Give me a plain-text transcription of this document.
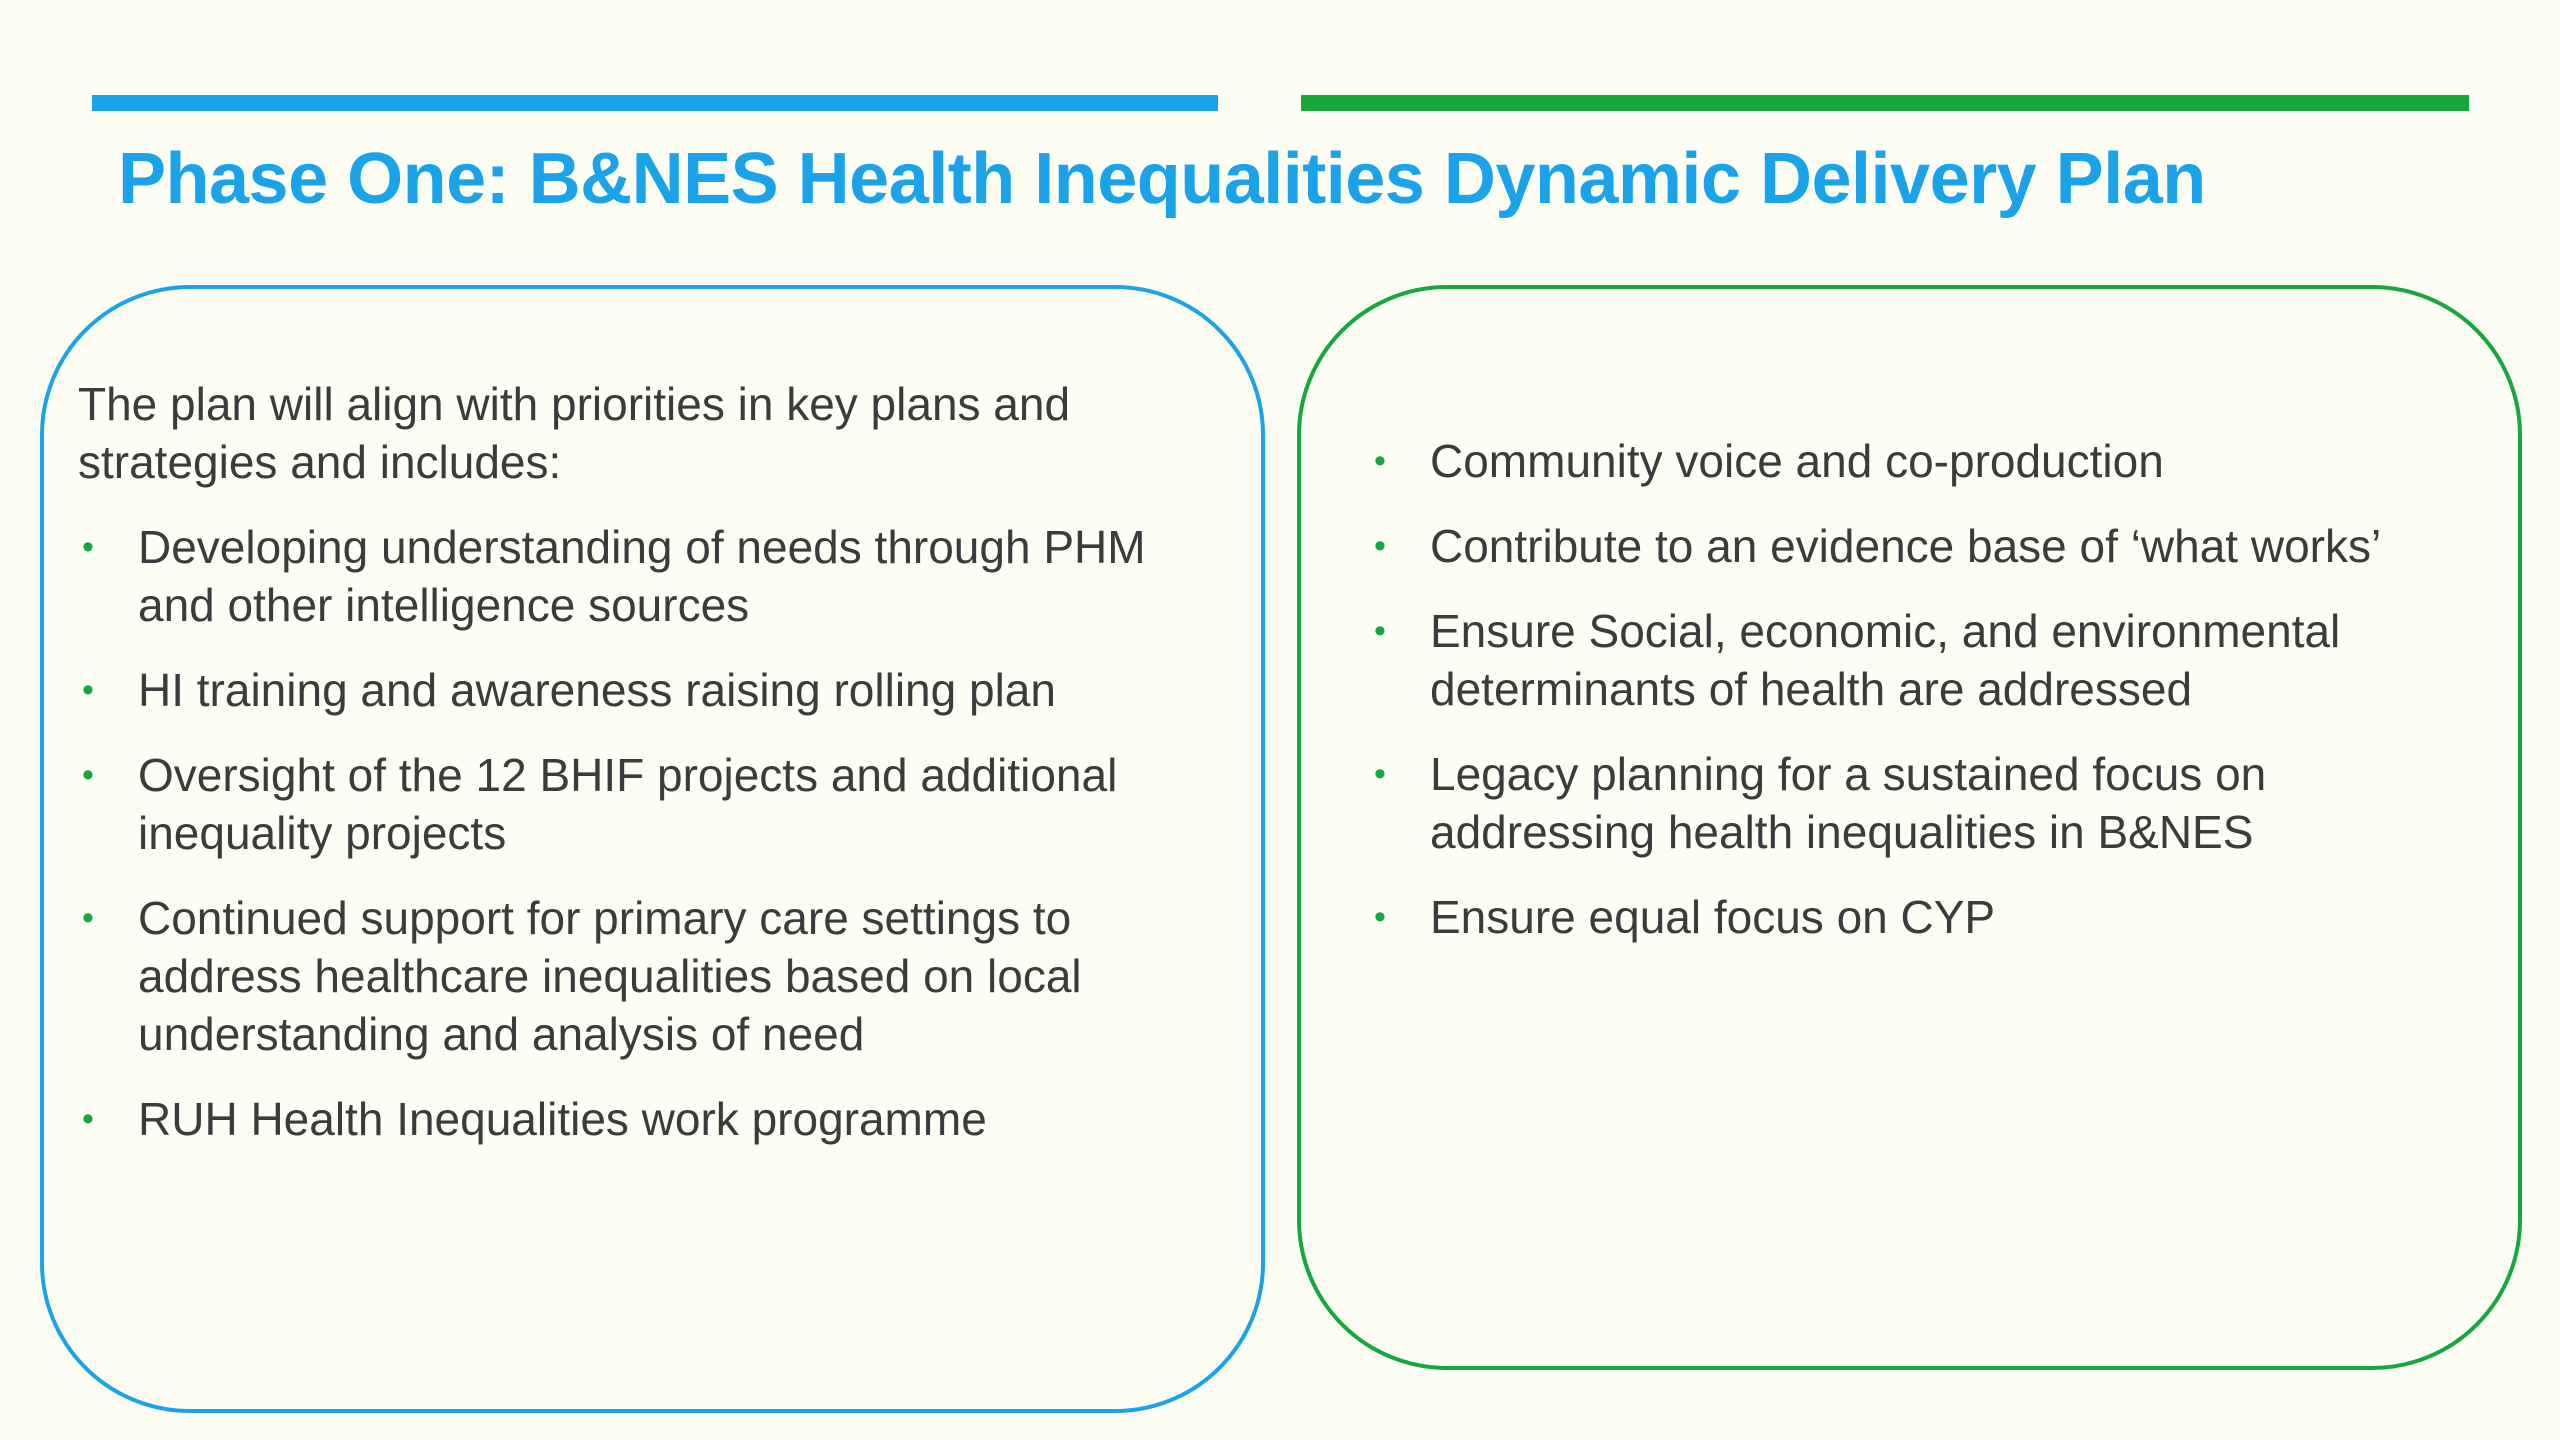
Phase One: B&NES Health Inequalities Dynamic Delivery Plan

The plan will align with priorities in key plans and strategies and includes:

• Developing understanding of needs through PHM and other intelligence sources
• HI training and awareness raising rolling plan
• Oversight of the 12 BHIF projects and additional inequality projects
• Continued support for primary care settings to address healthcare inequalities based on local understanding and analysis of need
• RUH Health Inequalities work programme
• Community voice and co-production
• Contribute to an evidence base of ‘what works’
• Ensure Social, economic, and environmental determinants of health are addressed
• Legacy planning for a sustained focus on addressing health inequalities in B&NES
• Ensure equal focus on CYP
